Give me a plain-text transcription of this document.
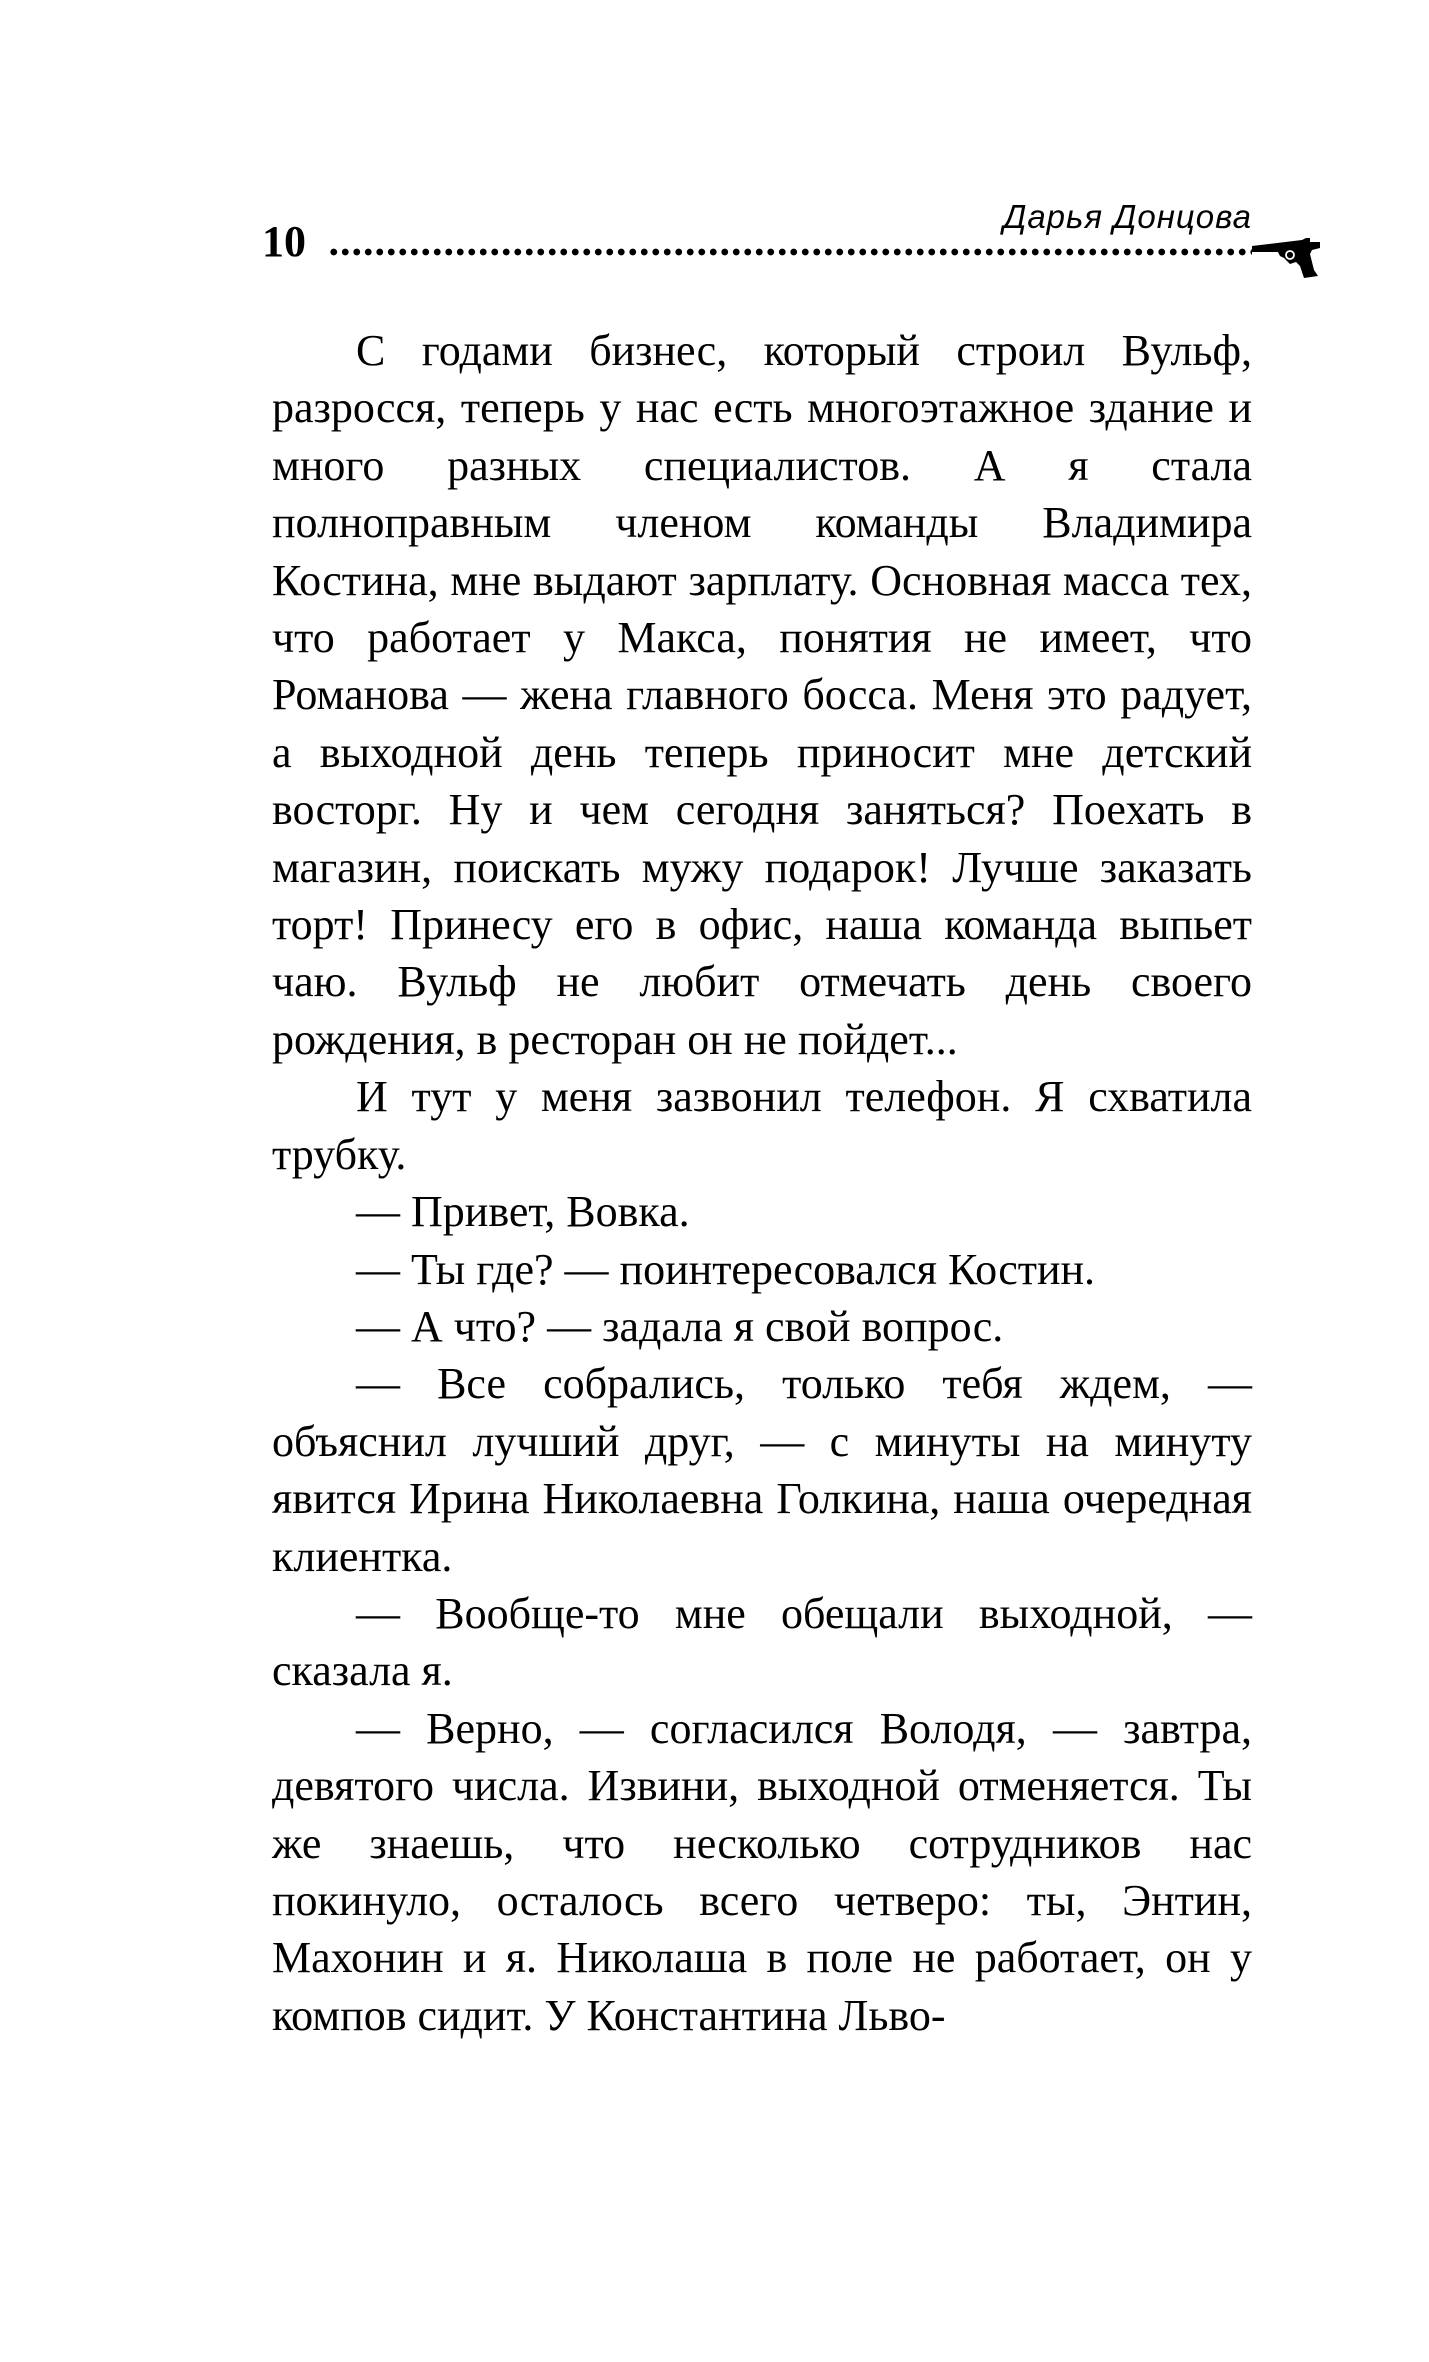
10
Дарья Донцова

С годами бизнес, который строил Вульф, разросся, теперь у нас есть многоэтажное здание и много разных специалистов. А я стала полноправным членом команды Владимира Костина, мне выдают зарплату. Основная масса тех, что работает у Макса, понятия не имеет, что Романова — жена главного босса. Меня это радует, а выходной день теперь приносит мне детский восторг. Ну и чем сегодня заняться? Поехать в магазин, поискать мужу подарок! Лучше заказать торт! Принесу его в офис, наша команда выпьет чаю. Вульф не любит отмечать день своего рождения, в ресторан он не пойдет...

И тут у меня зазвонил телефон. Я схватила трубку.

— Привет, Вовка.

— Ты где? — поинтересовался Костин.

— А что? — задала я свой вопрос.

— Все собрались, только тебя ждем, — объяснил лучший друг, — с минуты на минуту явится Ирина Николаевна Голкина, наша очередная клиентка.

— Вообще-то мне обещали выходной, — сказала я.

— Верно, — согласился Володя, — завтра, девятого числа. Извини, выходной отменяется. Ты же знаешь, что несколько сотрудников нас покинуло, осталось всего четверо: ты, Энтин, Махонин и я. Николаша в поле не работает, он у компов сидит. У Константина Льво-
